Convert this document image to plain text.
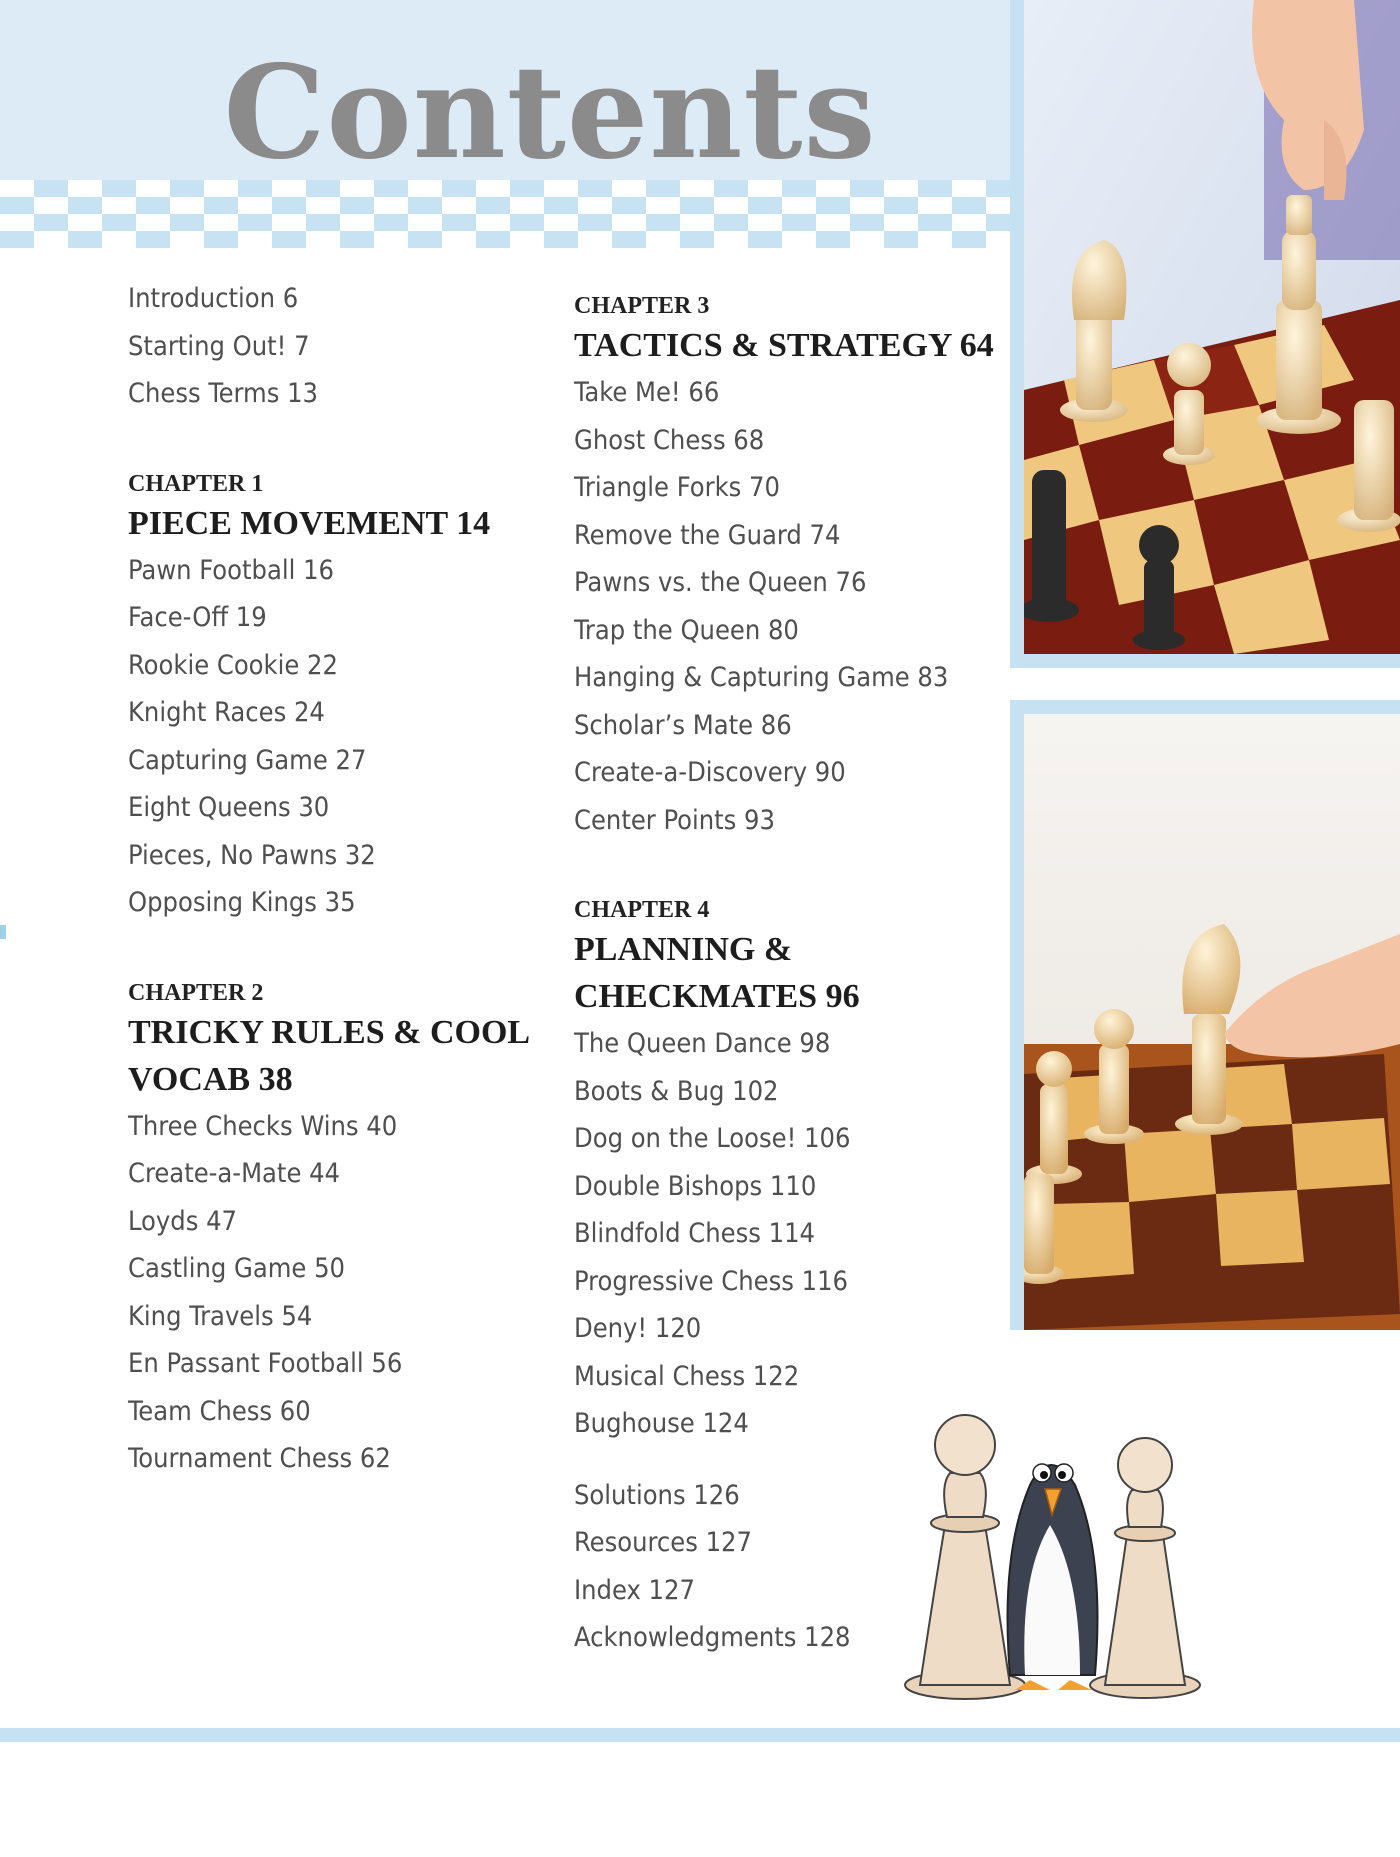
Contents
Introduction 6
Starting Out! 7
Chess Terms 13
CHAPTER 1
PIECE MOVEMENT 14
Pawn Football 16
Face-Off 19
Rookie Cookie 22
Knight Races 24
Capturing Game 27
Eight Queens 30
Pieces, No Pawns 32
Opposing Kings 35
CHAPTER 2
TRICKY RULES & COOL
VOCAB 38
Three Checks Wins 40
Create-a-Mate 44
Loyds 47
Castling Game 50
King Travels 54
En Passant Football 56
Team Chess 60
Tournament Chess 62
CHAPTER 3
TACTICS & STRATEGY 64
Take Me! 66
Ghost Chess 68
Triangle Forks 70
Remove the Guard 74
Pawns vs. the Queen 76
Trap the Queen 80
Hanging & Capturing Game 83
Scholar’s Mate 86
Create-a-Discovery 90
Center Points 93
CHAPTER 4
PLANNING &
CHECKMATES 96
The Queen Dance 98
Boots & Bug 102
Dog on the Loose! 106
Double Bishops 110
Blindfold Chess 114
Progressive Chess 116
Deny! 120
Musical Chess 122
Bughouse 124
Solutions 126
Resources 127
Index 127
Acknowledgments 128
